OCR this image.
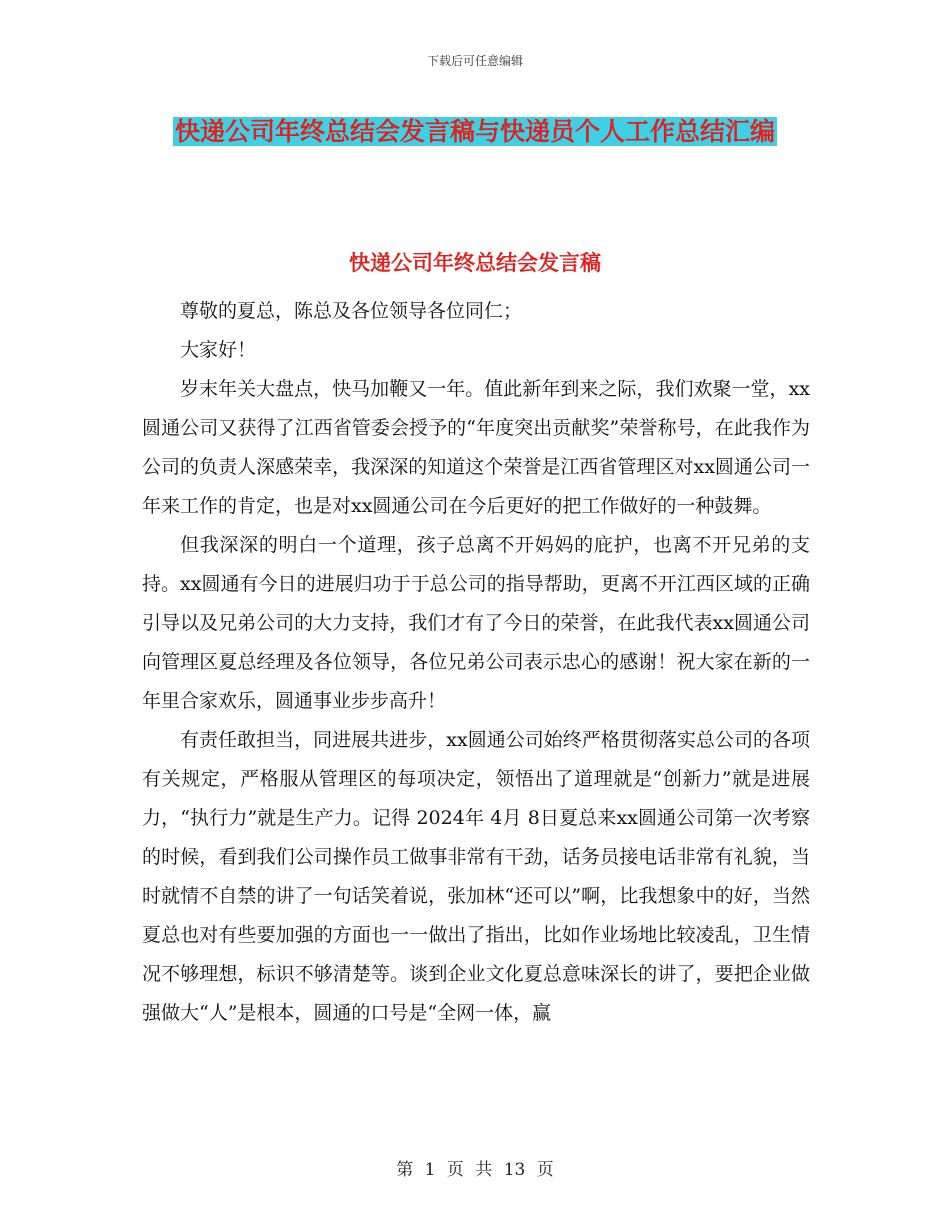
下载后可任意编辑
快递公司年终总结会发言稿与快递员个人工作总结汇编
快递公司年终总结会发言稿

尊敬的夏总，陈总及各位领导各位同仁；

大家好！

岁末年关大盘点，快马加鞭又一年。值此新年到来之际，我们欢聚一堂，xx圆通公司又获得了江西省管委会授予的“年度突出贡献奖”荣誉称号，在此我作为公司的负责人深感荣幸，我深深的知道这个荣誉是江西省管理区对xx圆通公司一年来工作的肯定，也是对xx圆通公司在今后更好的把工作做好的一种鼓舞。

但我深深的明白一个道理，孩子总离不开妈妈的庇护，也离不开兄弟的支持。xx圆通有今日的进展归功于于总公司的指导帮助，更离不开江西区域的正确引导以及兄弟公司的大力支持，我们才有了今日的荣誉，在此我代表xx圆通公司向管理区夏总经理及各位领导，各位兄弟公司表示忠心的感谢！祝大家在新的一年里合家欢乐，圆通事业步步高升！

有责任敢担当，同进展共进步，xx圆通公司始终严格贯彻落实总公司的各项有关规定，严格服从管理区的每项决定，领悟出了道理就是“创新力”就是进展力，“执行力”就是生产力。记得 2024年 4月 8日夏总来xx圆通公司第一次考察的时候，看到我们公司操作员工做事非常有干劲，话务员接电话非常有礼貌，当时就情不自禁的讲了一句话笑着说，张加林“还可以”啊，比我想象中的好，当然夏总也对有些要加强的方面也一一做出了指出，比如作业场地比较凌乱，卫生情况不够理想，标识不够清楚等。谈到企业文化夏总意味深长的讲了，要把企业做强做大“人”是根本，圆通的口号是“全网一体，赢

第 1 页 共 13 页
